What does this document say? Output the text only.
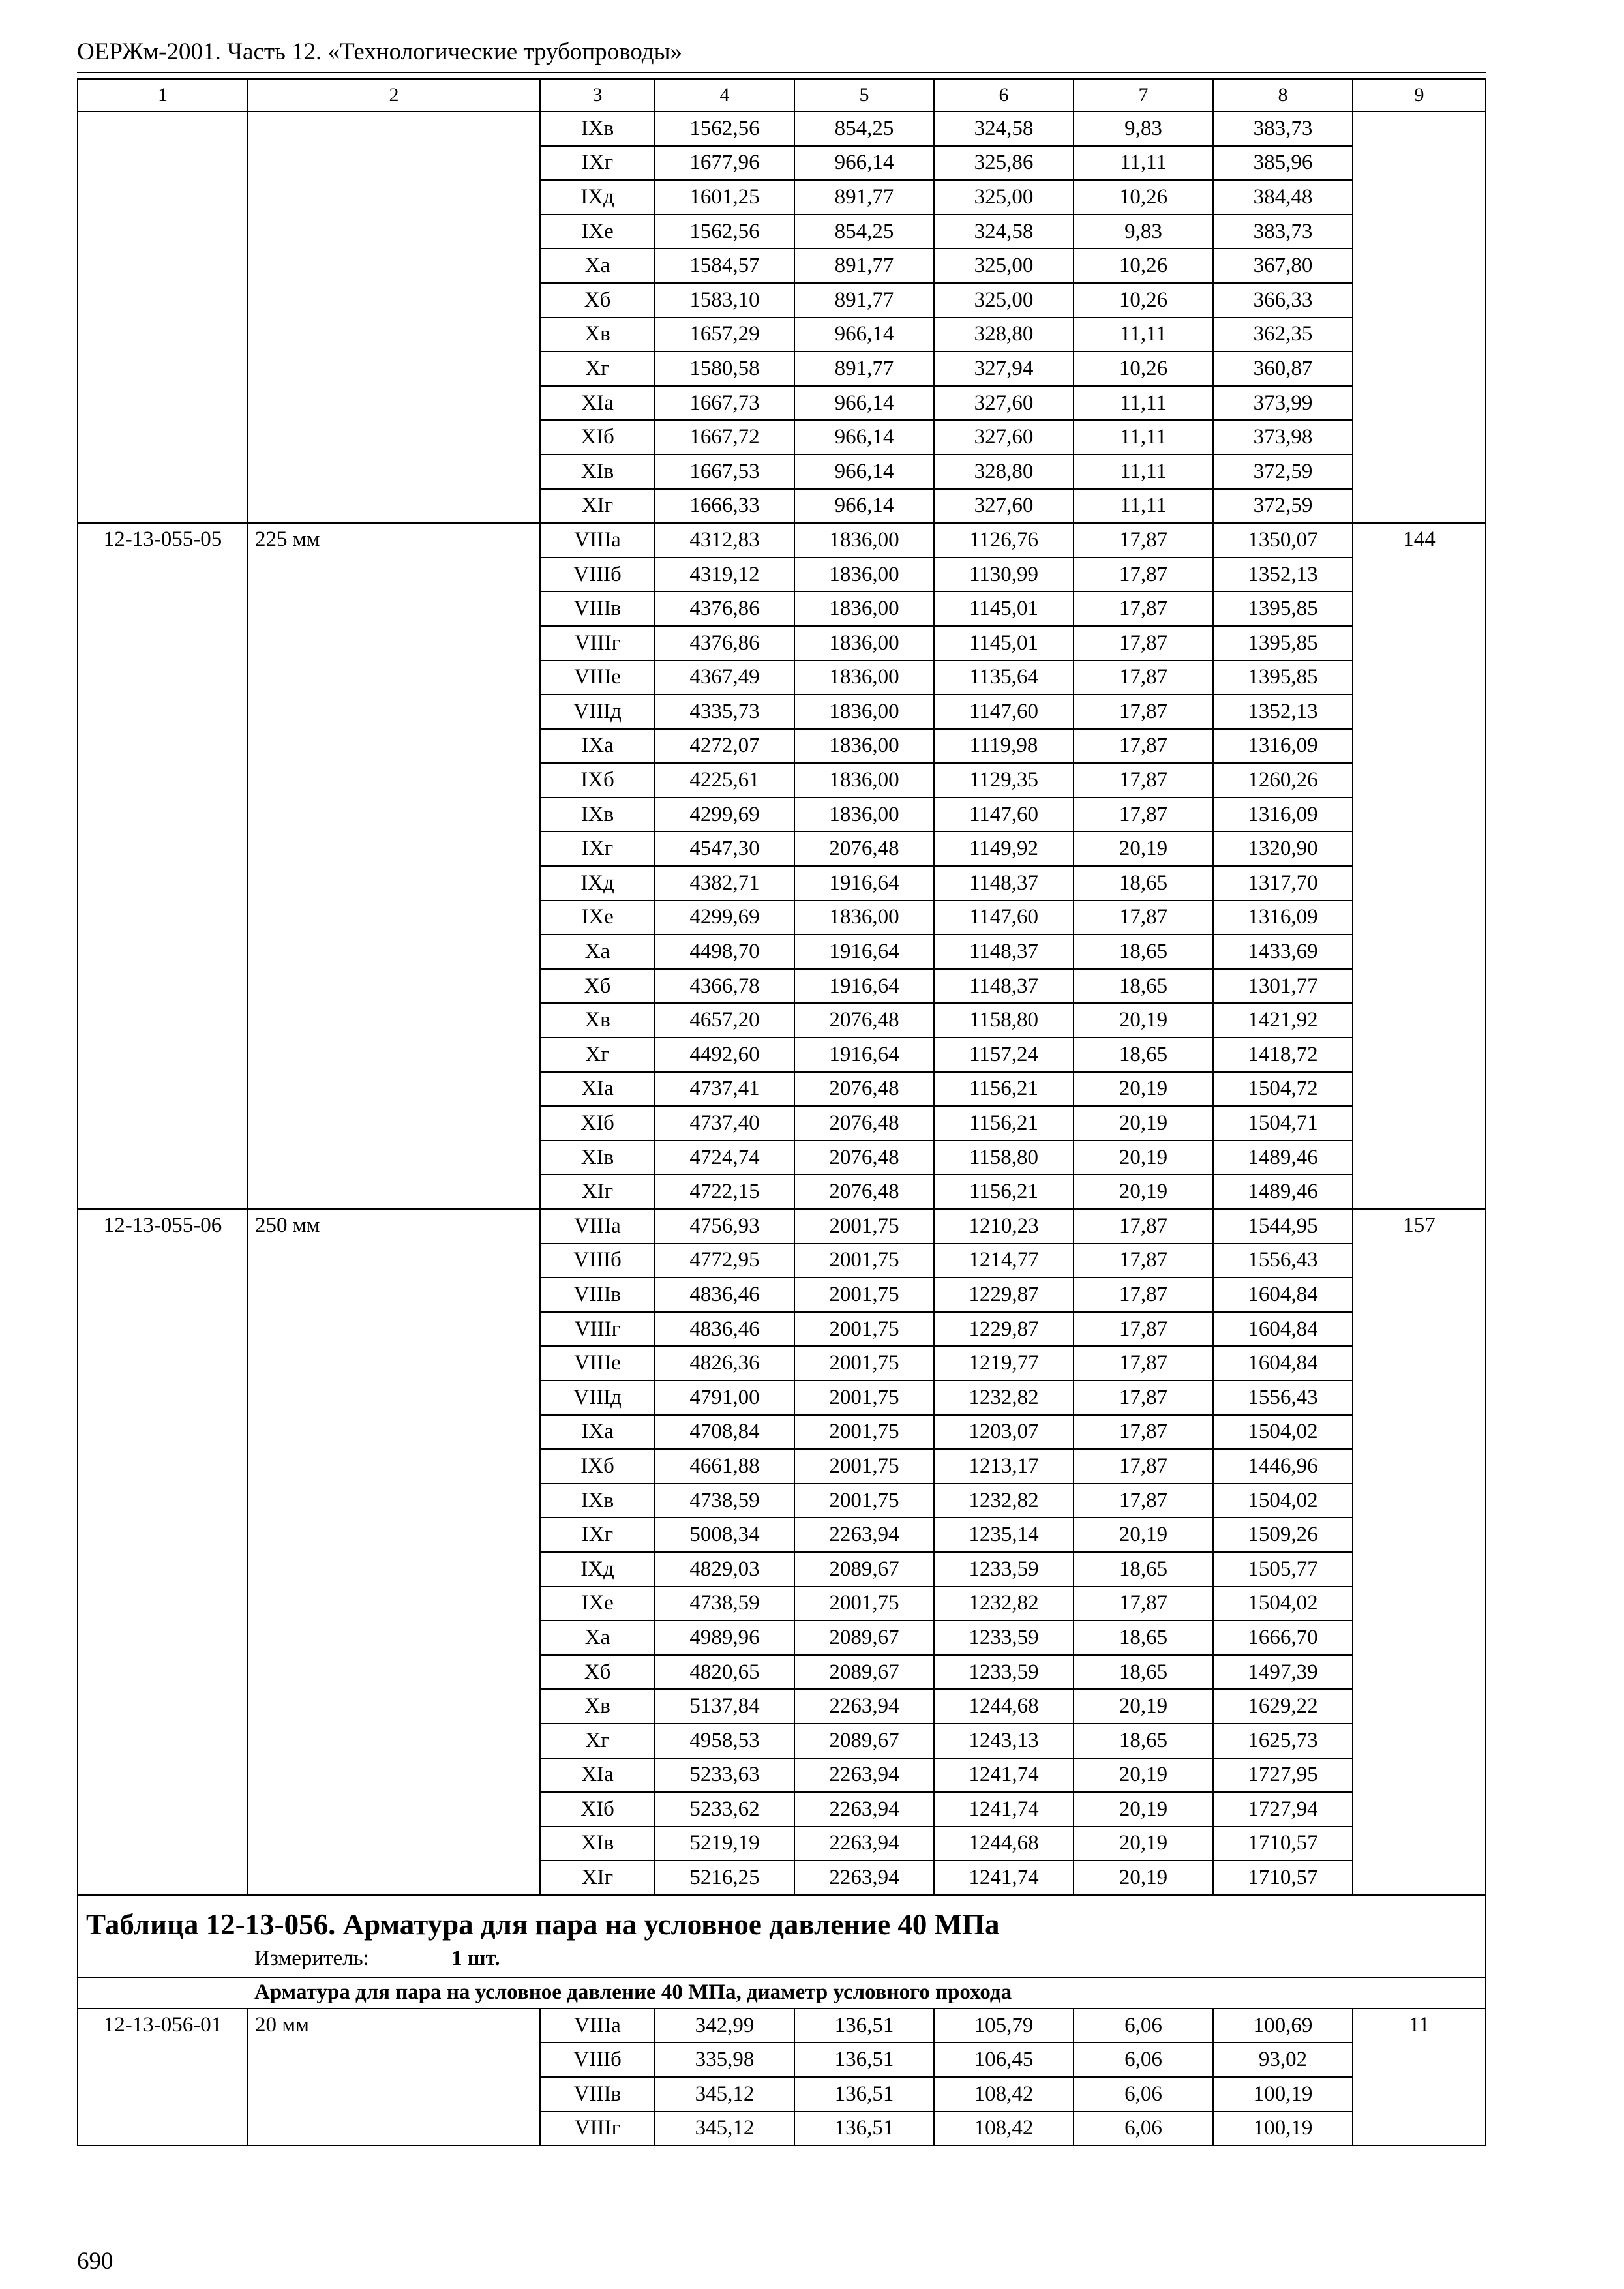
ОЕРЖм-2001. Часть 12. «Технологические трубопроводы»
1	2	3	4	5	6	7	8	9
		IXв	1562,56	854,25	324,58	9,83	383,73	
		IXг	1677,96	966,14	325,86	11,11	385,96	
		IXд	1601,25	891,77	325,00	10,26	384,48	
		IXе	1562,56	854,25	324,58	9,83	383,73	
		Xа	1584,57	891,77	325,00	10,26	367,80	
		Xб	1583,10	891,77	325,00	10,26	366,33	
		Xв	1657,29	966,14	328,80	11,11	362,35	
		Xг	1580,58	891,77	327,94	10,26	360,87	
		XIа	1667,73	966,14	327,60	11,11	373,99	
		XIб	1667,72	966,14	327,60	11,11	373,98	
		XIв	1667,53	966,14	328,80	11,11	372,59	
		XIг	1666,33	966,14	327,60	11,11	372,59	
12-13-055-05	225 мм	VIIIа	4312,83	1836,00	1126,76	17,87	1350,07	144
		VIIIб	4319,12	1836,00	1130,99	17,87	1352,13	
		VIIIв	4376,86	1836,00	1145,01	17,87	1395,85	
		VIIIг	4376,86	1836,00	1145,01	17,87	1395,85	
		VIIIе	4367,49	1836,00	1135,64	17,87	1395,85	
		VIIIд	4335,73	1836,00	1147,60	17,87	1352,13	
		IXа	4272,07	1836,00	1119,98	17,87	1316,09	
		IXб	4225,61	1836,00	1129,35	17,87	1260,26	
		IXв	4299,69	1836,00	1147,60	17,87	1316,09	
		IXг	4547,30	2076,48	1149,92	20,19	1320,90	
		IXд	4382,71	1916,64	1148,37	18,65	1317,70	
		IXе	4299,69	1836,00	1147,60	17,87	1316,09	
		Xа	4498,70	1916,64	1148,37	18,65	1433,69	
		Xб	4366,78	1916,64	1148,37	18,65	1301,77	
		Xв	4657,20	2076,48	1158,80	20,19	1421,92	
		Xг	4492,60	1916,64	1157,24	18,65	1418,72	
		XIа	4737,41	2076,48	1156,21	20,19	1504,72	
		XIб	4737,40	2076,48	1156,21	20,19	1504,71	
		XIв	4724,74	2076,48	1158,80	20,19	1489,46	
		XIг	4722,15	2076,48	1156,21	20,19	1489,46	
12-13-055-06	250 мм	VIIIа	4756,93	2001,75	1210,23	17,87	1544,95	157
		VIIIб	4772,95	2001,75	1214,77	17,87	1556,43	
		VIIIв	4836,46	2001,75	1229,87	17,87	1604,84	
		VIIIг	4836,46	2001,75	1229,87	17,87	1604,84	
		VIIIе	4826,36	2001,75	1219,77	17,87	1604,84	
		VIIIд	4791,00	2001,75	1232,82	17,87	1556,43	
		IXа	4708,84	2001,75	1203,07	17,87	1504,02	
		IXб	4661,88	2001,75	1213,17	17,87	1446,96	
		IXв	4738,59	2001,75	1232,82	17,87	1504,02	
		IXг	5008,34	2263,94	1235,14	20,19	1509,26	
		IXд	4829,03	2089,67	1233,59	18,65	1505,77	
		IXе	4738,59	2001,75	1232,82	17,87	1504,02	
		Xа	4989,96	2089,67	1233,59	18,65	1666,70	
		Xб	4820,65	2089,67	1233,59	18,65	1497,39	
		Xв	5137,84	2263,94	1244,68	20,19	1629,22	
		Xг	4958,53	2089,67	1243,13	18,65	1625,73	
		XIа	5233,63	2263,94	1241,74	20,19	1727,95	
		XIб	5233,62	2263,94	1241,74	20,19	1727,94	
		XIв	5219,19	2263,94	1244,68	20,19	1710,57	
		XIг	5216,25	2263,94	1241,74	20,19	1710,57	

Таблица 12-13-056. Арматура для пара на условное давление 40 МПа
Измеритель: 1 шт.								

Арматура для пара на условное давление 40 МПа, диаметр условного прохода								
12-13-056-01	20 мм	VIIIа	342,99	136,51	105,79	6,06	100,69	11
		VIIIб	335,98	136,51	106,45	6,06	93,02	
		VIIIв	345,12	136,51	108,42	6,06	100,19	
		VIIIг	345,12	136,51	108,42	6,06	100,19	
690
